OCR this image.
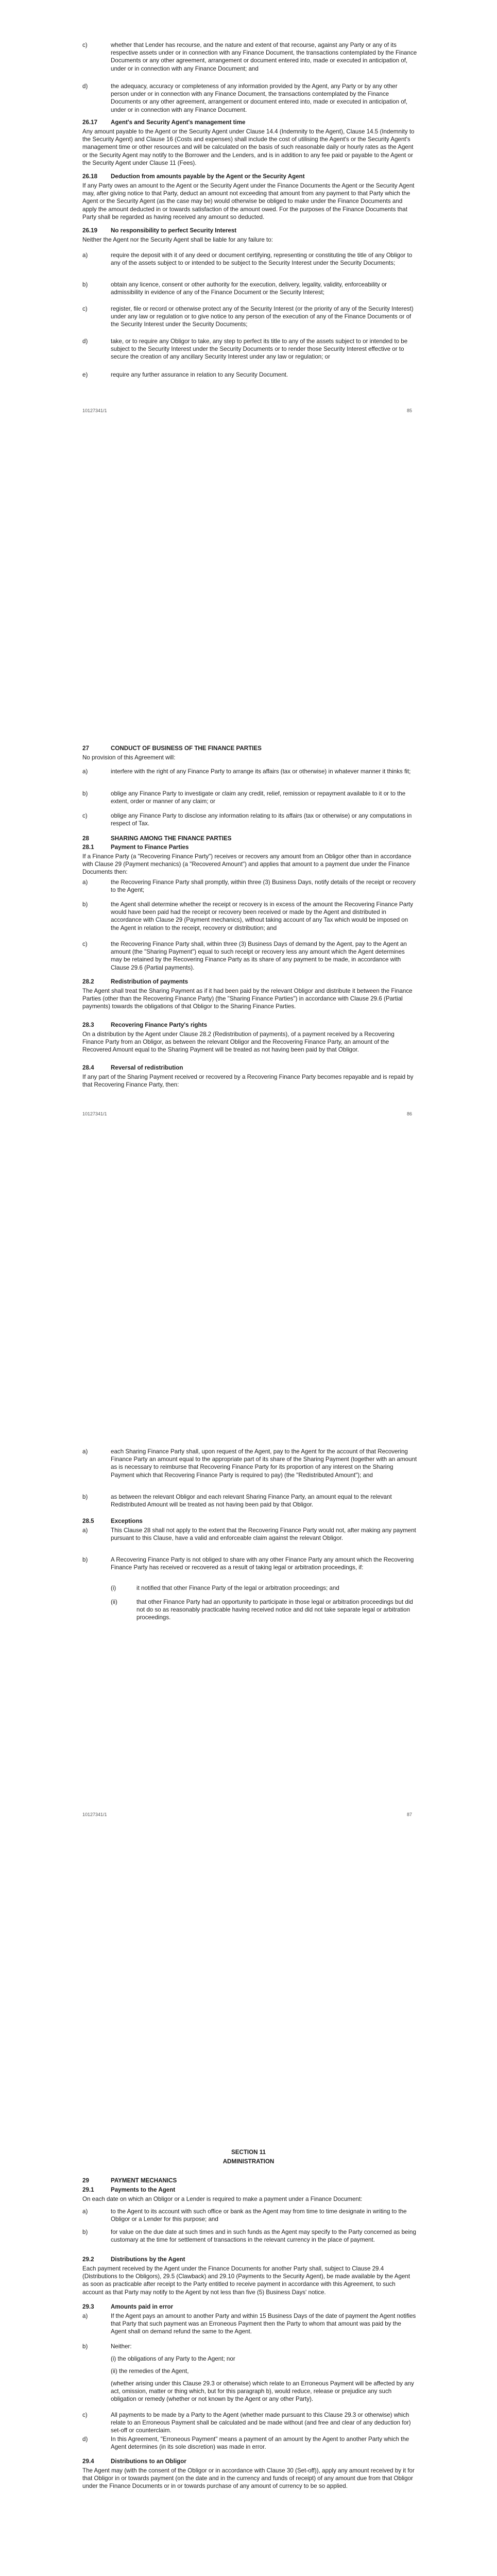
c)	whether that Lender has recourse, and the nature and extent of that recourse, against any Party or any of its respective assets under or in connection with any Finance Document, the transactions contemplated by the Finance Documents or any other agreement, arrangement or document entered into, made or executed in anticipation of, under or in connection with any Finance Document; and
d)	the adequacy, accuracy or completeness of any information provided by the Agent, any Party or by any other person under or in connection with any Finance Document, the transactions contemplated by the Finance Documents or any other agreement, arrangement or document entered into, made or executed in anticipation of, under or in connection with any Finance Document.
26.17 Agent's and Security Agent's management time
Any amount payable to the Agent or the Security Agent under Clause 14.4 (Indemnity to the Agent), Clause 14.5 (Indemnity to the Security Agent) and Clause 16 (Costs and expenses) shall include the cost of utilising the Agent's or the Security Agent's management time or other resources and will be calculated on the basis of such reasonable daily or hourly rates as the Agent or the Security Agent may notify to the Borrower and the Lenders, and is in addition to any fee paid or payable to the Agent or the Security Agent under Clause 11 (Fees).
26.18 Deduction from amounts payable by the Agent or the Security Agent
If any Party owes an amount to the Agent or the Security Agent under the Finance Documents the Agent or the Security Agent may, after giving notice to that Party, deduct an amount not exceeding that amount from any payment to that Party which the Agent or the Security Agent (as the case may be) would otherwise be obliged to make under the Finance Documents and apply the amount deducted in or towards satisfaction of the amount owed. For the purposes of the Finance Documents that Party shall be regarded as having received any amount so deducted.
26.19 No responsibility to perfect Security Interest
Neither the Agent nor the Security Agent shall be liable for any failure to:
a)	require the deposit with it of any deed or document certifying, representing or constituting the title of any Obligor to any of the assets subject to or intended to be subject to the Security Interest under the Security Documents;
b)	obtain any licence, consent or other authority for the execution, delivery, legality, validity, enforceability or admissibility in evidence of any of the Finance Document or the Security Interest;
c)	register, file or record or otherwise protect any of the Security Interest (or the priority of any of the Security Interest) under any law or regulation or to give notice to any person of the execution of any of the Finance Documents or of the Security Interest under the Security Documents;
d)	take, or to require any Obligor to take, any step to perfect its title to any of the assets subject to or intended to be subject to the Security Interest under the Security Documents or to render those Security Interest effective or to secure the creation of any ancillary Security Interest under any law or regulation; or
e)	require any further assurance in relation to any Security Document.
10127341/1	85
27	CONDUCT OF BUSINESS OF THE FINANCE PARTIES
No provision of this Agreement will:
a)	interfere with the right of any Finance Party to arrange its affairs (tax or otherwise) in whatever manner it thinks fit;
b)	oblige any Finance Party to investigate or claim any credit, relief, remission or repayment available to it or to the extent, order or manner of any claim; or
c)	oblige any Finance Party to disclose any information relating to its affairs (tax or otherwise) or any computations in respect of Tax.
28	SHARING AMONG THE FINANCE PARTIES
28.1	Payment to Finance Parties
If a Finance Party (a "Recovering Finance Party") receives or recovers any amount from an Obligor other than in accordance with Clause 29 (Payment mechanics) (a "Recovered Amount") and applies that amount to a payment due under the Finance Documents then:
a)	the Recovering Finance Party shall promptly, within three (3) Business Days, notify details of the receipt or recovery to the Agent;
b)	the Agent shall determine whether the receipt or recovery is in excess of the amount the Recovering Finance Party would have been paid had the receipt or recovery been received or made by the Agent and distributed in accordance with Clause 29 (Payment mechanics), without taking account of any Tax which would be imposed on the Agent in relation to the receipt, recovery or distribution; and
c)	the Recovering Finance Party shall, within three (3) Business Days of demand by the Agent, pay to the Agent an amount (the "Sharing Payment") equal to such receipt or recovery less any amount which the Agent determines may be retained by the Recovering Finance Party as its share of any payment to be made, in accordance with Clause 29.6 (Partial payments).
28.2	Redistribution of payments
The Agent shall treat the Sharing Payment as if it had been paid by the relevant Obligor and distribute it between the Finance Parties (other than the Recovering Finance Party) (the "Sharing Finance Parties") in accordance with Clause 29.6 (Partial payments) towards the obligations of that Obligor to the Sharing Finance Parties.
28.3	Recovering Finance Party's rights
On a distribution by the Agent under Clause 28.2 (Redistribution of payments), of a payment received by a Recovering Finance Party from an Obligor, as between the relevant Obligor and the Recovering Finance Party, an amount of the Recovered Amount equal to the Sharing Payment will be treated as not having been paid by that Obligor.
28.4	Reversal of redistribution
If any part of the Sharing Payment received or recovered by a Recovering Finance Party becomes repayable and is repaid by that Recovering Finance Party, then:
10127341/1	86
a)	each Sharing Finance Party shall, upon request of the Agent, pay to the Agent for the account of that Recovering Finance Party an amount equal to the appropriate part of its share of the Sharing Payment (together with an amount as is necessary to reimburse that Recovering Finance Party for its proportion of any interest on the Sharing Payment which that Recovering Finance Party is required to pay) (the "Redistributed Amount"); and
b)	as between the relevant Obligor and each relevant Sharing Finance Party, an amount equal to the relevant Redistributed Amount will be treated as not having been paid by that Obligor.
28.5	Exceptions
a)	This Clause 28 shall not apply to the extent that the Recovering Finance Party would not, after making any payment pursuant to this Clause, have a valid and enforceable claim against the relevant Obligor.
b)	A Recovering Finance Party is not obliged to share with any other Finance Party any amount which the Recovering Finance Party has received or recovered as a result of taking legal or arbitration proceedings, if:
(i)	it notified that other Finance Party of the legal or arbitration proceedings; and
(ii)	that other Finance Party had an opportunity to participate in those legal or arbitration proceedings but did not do so as reasonably practicable having received notice and did not take separate legal or arbitration proceedings.
10127341/1	87
SECTION 11
ADMINISTRATION
29	PAYMENT MECHANICS
29.1	Payments to the Agent
On each date on which an Obligor or a Lender is required to make a payment under a Finance Document:
a)	to the Agent to its account with such office or bank as the Agent may from time to time designate in writing to the Obligor or a Lender for this purpose; and
b)	for value on the due date at such times and in such funds as the Agent may specify to the Party concerned as being customary at the time for settlement of transactions in the relevant currency in the place of payment.
29.2	Distributions by the Agent
Each payment received by the Agent under the Finance Documents for another Party shall, subject to Clause 29.4 (Distributions to the Obligors), 29.5 (Clawback) and 29.10 (Payments to the Security Agent), be made available by the Agent as soon as practicable after receipt to the Party entitled to receive payment in accordance with this Agreement, to such account as that Party may notify to the Agent by not less than five (5) Business Days' notice.
29.3	Amounts paid in error
a)	If the Agent pays an amount to another Party and within 15 Business Days of the date of payment the Agent notifies that Party that such payment was an Erroneous Payment then the Party to whom that amount was paid by the Agent shall on demand refund the same to the Agent.
b)	Neither:
(i) the obligations of any Party to the Agent; nor
(ii) the remedies of the Agent,
(whether arising under this Clause 29.3 or otherwise) which relate to an Erroneous Payment will be affected by any act, omission, matter or thing which, but for this paragraph b), would reduce, release or prejudice any such obligation or remedy (whether or not known by the Agent or any other Party).
c)	All payments to be made by a Party to the Agent (whether made pursuant to this Clause 29.3 or otherwise) which relate to an Erroneous Payment shall be calculated and be made without (and free and clear of any deduction for) set-off or counterclaim.
d)	In this Agreement, "Erroneous Payment" means a payment of an amount by the Agent to another Party which the Agent determines (in its sole discretion) was made in error.
29.4	Distributions to an Obligor
The Agent may (with the consent of the Obligor or in accordance with Clause 30 (Set-off)), apply any amount received by it for that Obligor in or towards payment (on the date and in the currency and funds of receipt) of any amount due from that Obligor under the Finance Documents or in or towards purchase of any amount of currency to be so applied.
